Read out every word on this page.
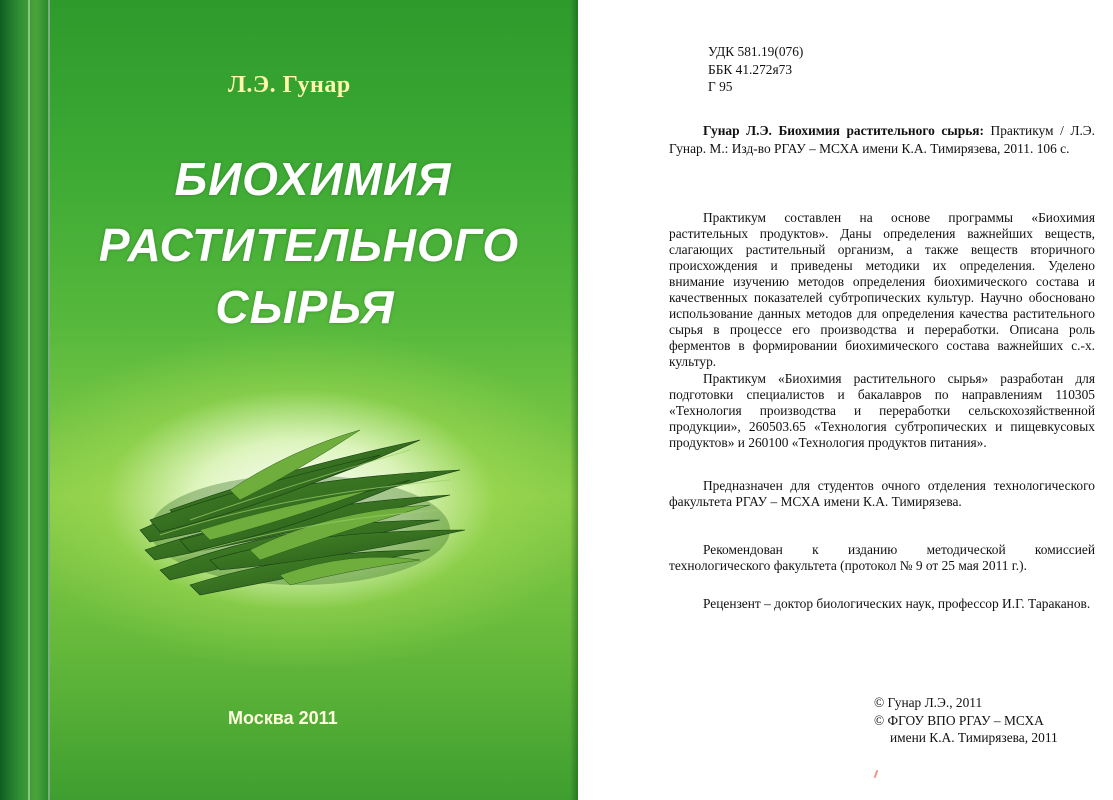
Л.Э. Гунар
БИОХИМИЯ
РАСТИТЕЛЬНОГО
СЫРЬЯ
Москва 2011
УДК 581.19(076)
ББК 41.272я73
Г 95
Гунар Л.Э. Биохимия растительного сырья: Практикум / Л.Э. Гунар. М.: Изд-во РГАУ – МСХА имени К.А. Тимирязева, 2011. 106 с.
Практикум составлен на основе программы «Биохимия растительных продуктов». Даны определения важнейших веществ, слагающих растительный организм, а также веществ вторичного происхождения и приведены методики их определения. Уделено внимание изучению методов определения биохимического состава и качественных показателей субтропических культур. Научно обосновано использование данных методов для определения качества растительного сырья в процессе его производства и переработки. Описана роль ферментов в формировании биохимического состава важнейших с.-х. культур.
Практикум «Биохимия растительного сырья» разработан для подготовки специалистов и бакалавров по направлениям 110305 «Технология производства и переработки сельскохозяйственной продукции», 260503.65 «Технология субтропических и пищевкусовых продуктов» и 260100 «Технология продуктов питания».
Предназначен для студентов очного отделения технологического факультета РГАУ – МСХА имени К.А. Тимирязева.
Рекомендован к изданию методической комиссией технологического факультета (протокол № 9 от 25 мая 2011 г.).
Рецензент – доктор биологических наук, профессор И.Г. Тараканов.
© Гунар Л.Э., 2011
© ФГОУ ВПО РГАУ – МСХА
имени К.А. Тимирязева, 2011
